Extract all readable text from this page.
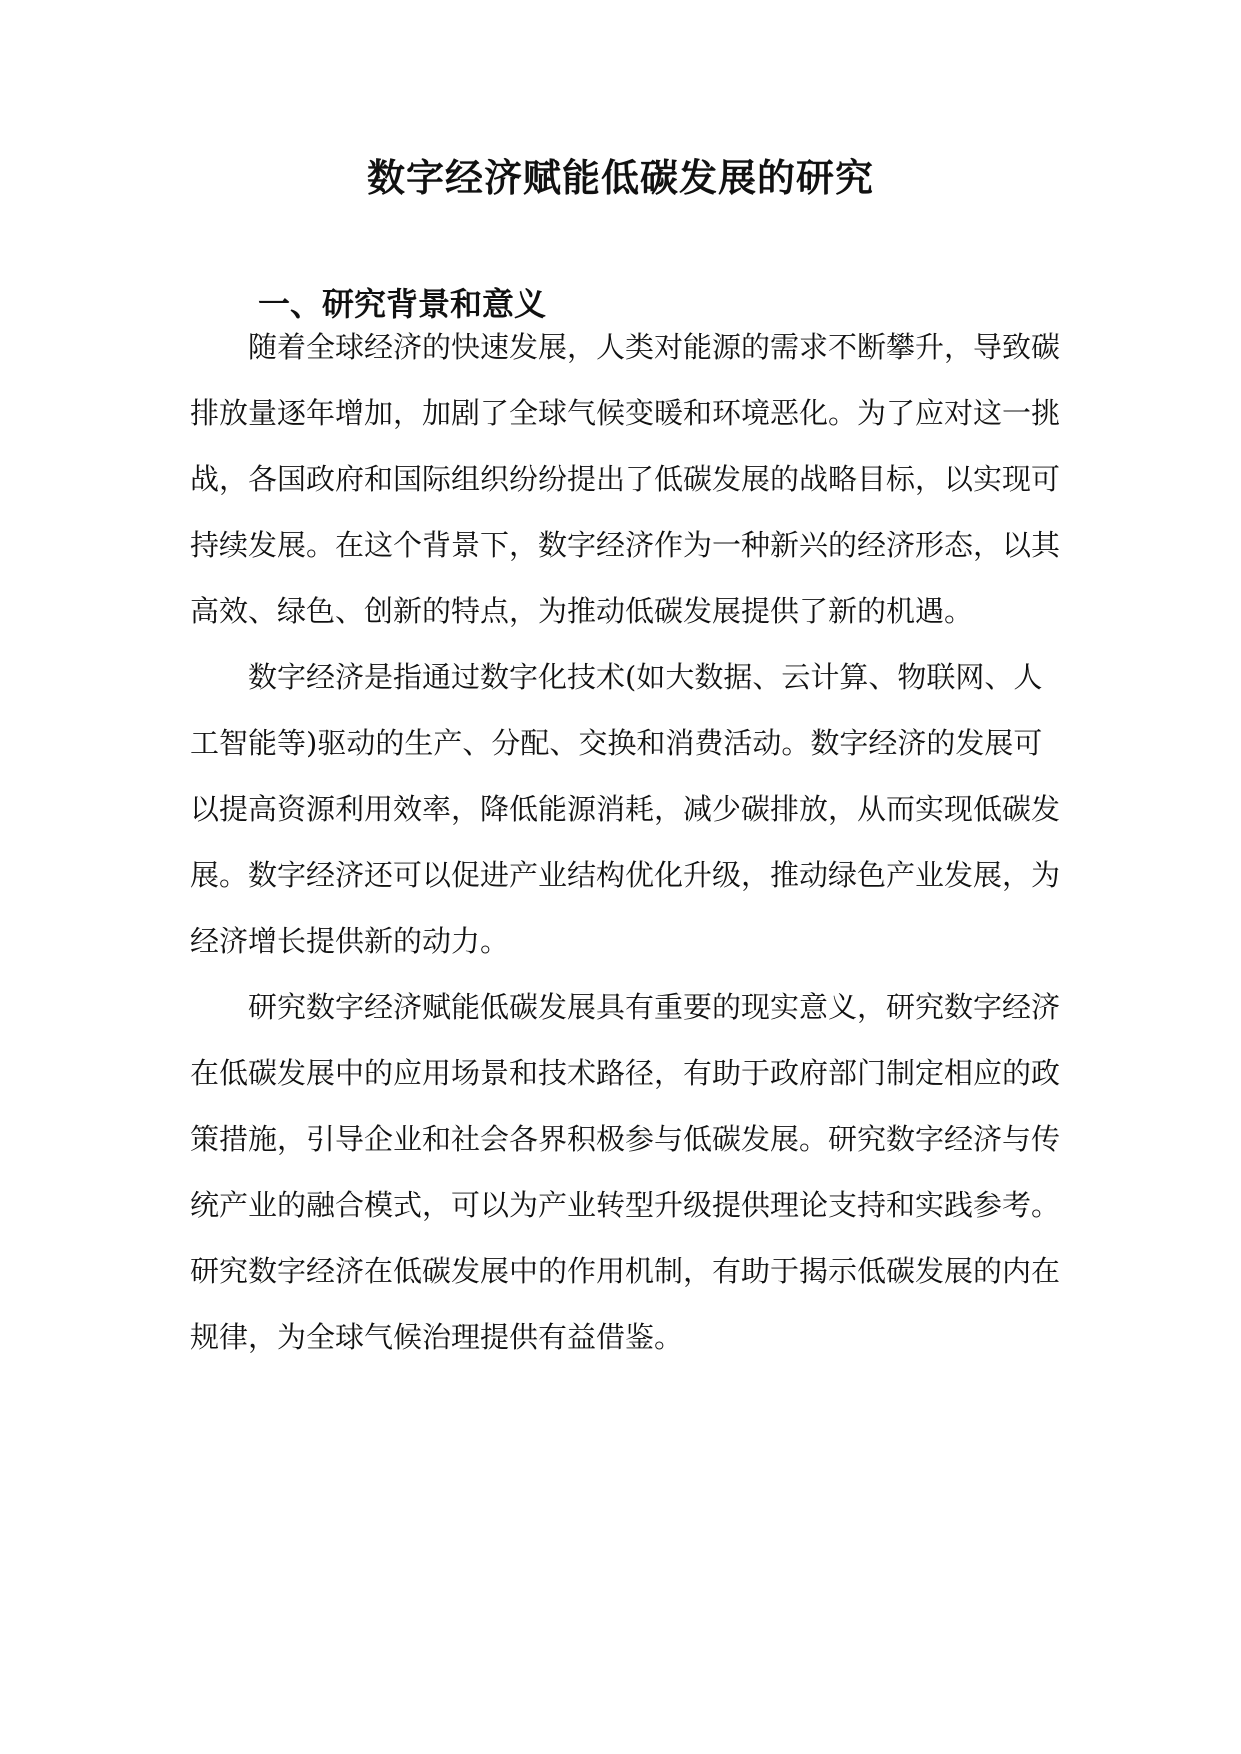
数字经济赋能低碳发展的研究
一、研究背景和意义

随着全球经济的快速发展，人类对能源的需求不断攀升，导致碳

排放量逐年增加，加剧了全球气候变暖和环境恶化。为了应对这一挑

战，各国政府和国际组织纷纷提出了低碳发展的战略目标，以实现可

持续发展。在这个背景下，数字经济作为一种新兴的经济形态，以其

高效、绿色、创新的特点，为推动低碳发展提供了新的机遇。

数字经济是指通过数字化技术(如大数据、云计算、物联网、人

工智能等)驱动的生产、分配、交换和消费活动。数字经济的发展可

以提高资源利用效率，降低能源消耗，减少碳排放，从而实现低碳发

展。数字经济还可以促进产业结构优化升级，推动绿色产业发展，为

经济增长提供新的动力。

研究数字经济赋能低碳发展具有重要的现实意义，研究数字经济

在低碳发展中的应用场景和技术路径，有助于政府部门制定相应的政

策措施，引导企业和社会各界积极参与低碳发展。研究数字经济与传

统产业的融合模式，可以为产业转型升级提供理论支持和实践参考。

研究数字经济在低碳发展中的作用机制，有助于揭示低碳发展的内在

规律，为全球气候治理提供有益借鉴。
